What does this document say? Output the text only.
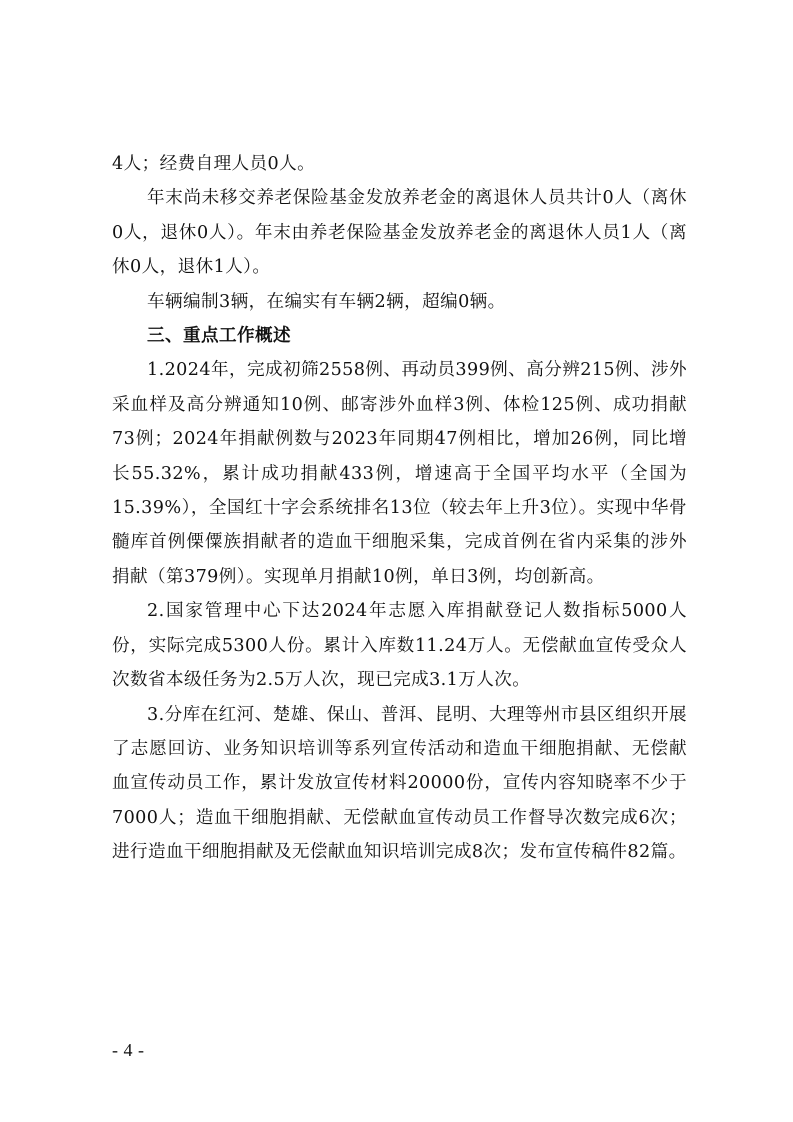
4人；经费自理人员0人。

年末尚未移交养老保险基金发放养老金的离退休人员共计0人（离休0人，退休0人）。年末由养老保险基金发放养老金的离退休人员1人（离休0人，退休1人）。

车辆编制3辆，在编实有车辆2辆，超编0辆。

三、重点工作概述

1.2024年，完成初筛2558例、再动员399例、高分辨215例、涉外采血样及高分辨通知10例、邮寄涉外血样3例、体检125例、成功捐献73例；2024年捐献例数与2023年同期47例相比，增加26例，同比增长55.32%，累计成功捐献433例，增速高于全国平均水平（全国为15.39%），全国红十字会系统排名13位（较去年上升3位）。实现中华骨髓库首例傈僳族捐献者的造血干细胞采集，完成首例在省内采集的涉外捐献（第379例）。实现单月捐献10例，单日3例，均创新高。

2.国家管理中心下达2024年志愿入库捐献登记人数指标5000人份，实际完成5300人份。累计入库数11.24万人。无偿献血宣传受众人次数省本级任务为2.5万人次，现已完成3.1万人次。

3.分库在红河、楚雄、保山、普洱、昆明、大理等州市县区组织开展了志愿回访、业务知识培训等系列宣传活动和造血干细胞捐献、无偿献血宣传动员工作，累计发放宣传材料20000份，宣传内容知晓率不少于7000人；造血干细胞捐献、无偿献血宣传动员工作督导次数完成6次；进行造血干细胞捐献及无偿献血知识培训完成8次；发布宣传稿件82篇。

- 4 -
